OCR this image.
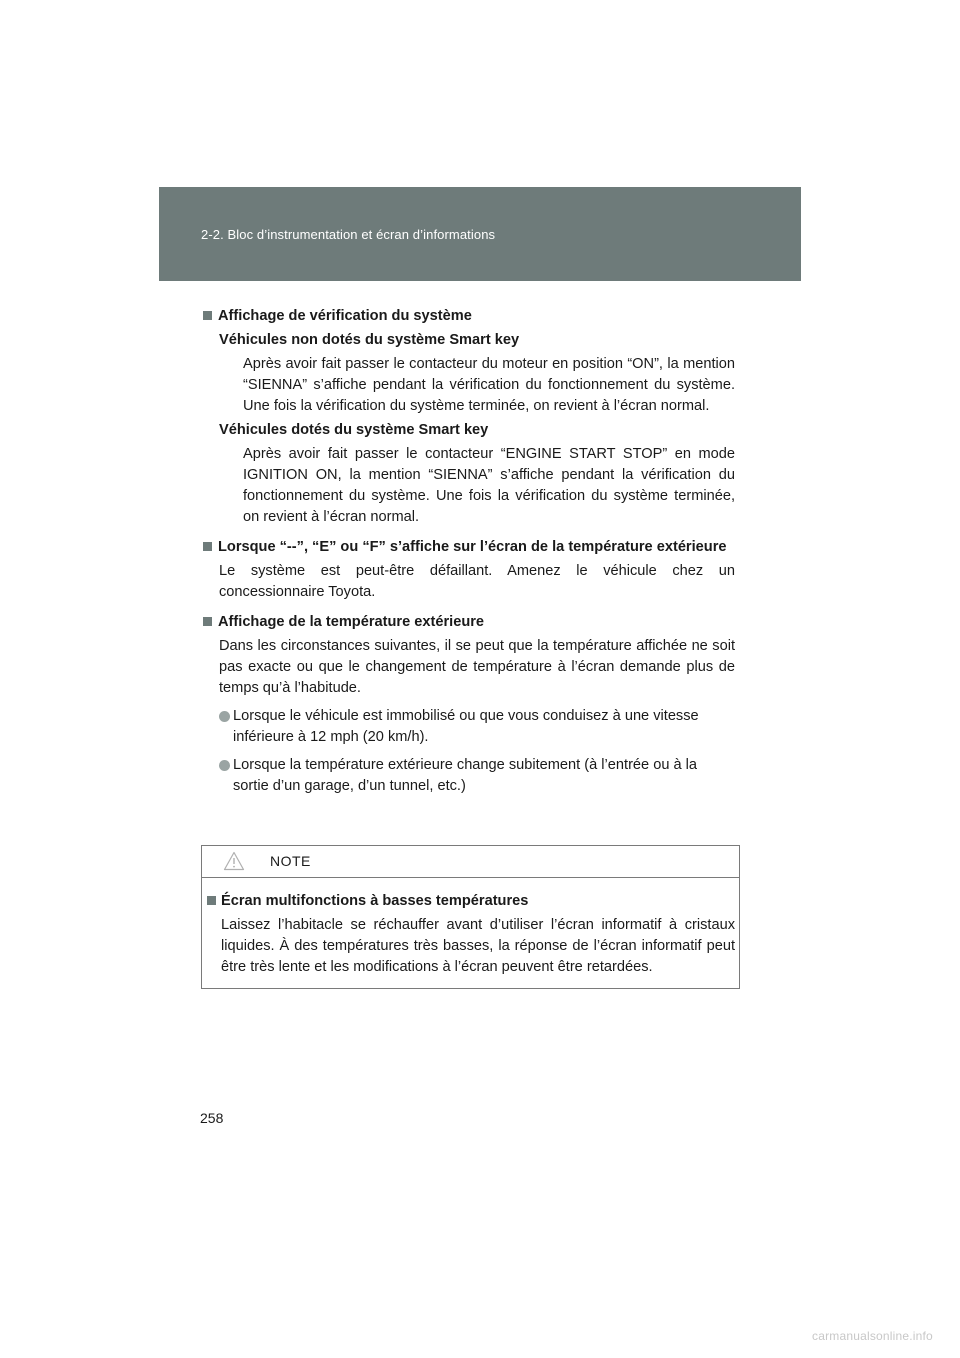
2-2. Bloc d’instrumentation et écran d’informations
Affichage de vérification du système
Véhicules non dotés du système Smart key
Après avoir fait passer le contacteur du moteur en position “ON”, la mention “SIENNA” s’affiche pendant la vérification du fonctionnement du système. Une fois la vérification du système terminée, on revient à l’écran normal.
Véhicules dotés du système Smart key
Après avoir fait passer le contacteur “ENGINE START STOP” en mode IGNITION ON, la mention “SIENNA” s’affiche pendant la vérification du fonctionnement du système. Une fois la vérification du système terminée, on revient à l’écran normal.
Lorsque “--”, “E” ou “F” s’affiche sur l’écran de la température extérieure
Le système est peut-être défaillant. Amenez le véhicule chez un concessionnaire Toyota.
Affichage de la température extérieure
Dans les circonstances suivantes, il se peut que la température affichée ne soit pas exacte ou que le changement de température à l’écran demande plus de temps qu’à l’habitude.
Lorsque le véhicule est immobilisé ou que vous conduisez à une vitesse inférieure à 12 mph (20 km/h).
Lorsque la température extérieure change subitement (à l’entrée ou à la sortie d’un garage, d’un tunnel, etc.)
NOTE
Écran multifonctions à basses températures
Laissez l’habitacle se réchauffer avant d’utiliser l’écran informatif à cristaux liquides. À des températures très basses, la réponse de l’écran informatif peut être très lente et les modifications à l’écran peuvent être retardées.
258
carmanualsonline.info
